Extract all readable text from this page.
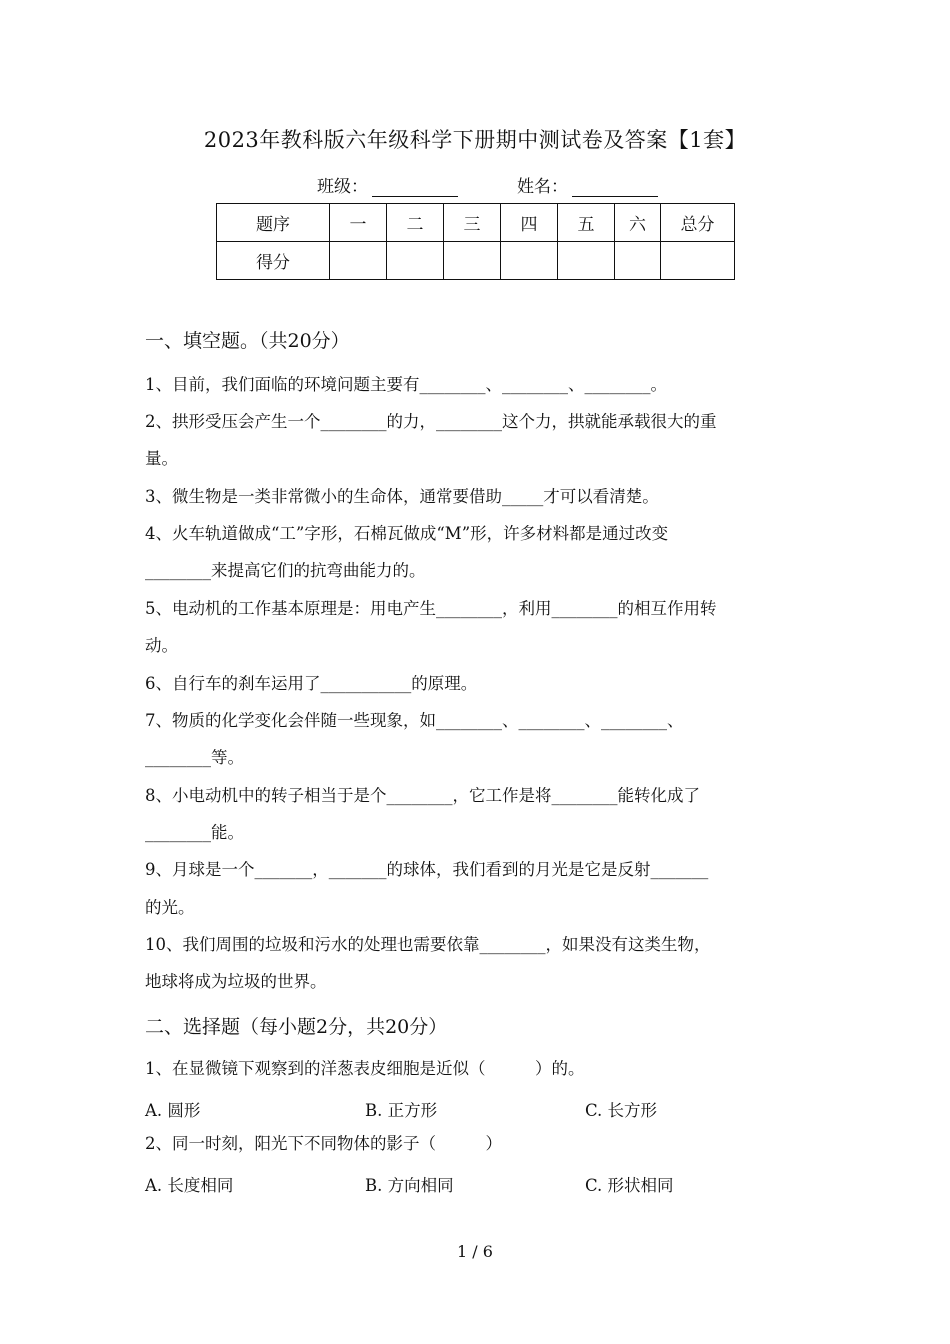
2023年教科版六年级科学下册期中测试卷及答案【1套】
班级：	姓名：
题序	一	二	三	四	五	六	总分
得分							
一、填空题。（共20分）
1、目前，我们面临的环境问题主要有________、________、________。
2、拱形受压会产生一个________的力，________这个力，拱就能承载很大的重
量。
3、微生物是一类非常微小的生命体，通常要借助_____才可以看清楚。
4、火车轨道做成“工”字形，石棉瓦做成“M”形，许多材料都是通过改变
________来提高它们的抗弯曲能力的。
5、电动机的工作基本原理是：用电产生________，利用________的相互作用转
动。
6、自行车的刹车运用了___________的原理。
7、物质的化学变化会伴随一些现象，如________、________、________、
________等。
8、小电动机中的转子相当于是个________，它工作是将________能转化成了
________能。
9、月球是一个_______，_______的球体，我们看到的月光是它是反射_______
的光。
10、我们周围的垃圾和污水的处理也需要依靠________，如果没有这类生物，
地球将成为垃圾的世界。
二、选择题（每小题2分，共20分）
1、在显微镜下观察到的洋葱表皮细胞是近似（　　　）的。
A. 圆形	B. 正方形	C. 长方形
2、同一时刻，阳光下不同物体的影子（　　　）
A. 长度相同	B. 方向相同	C. 形状相同
1 / 6
